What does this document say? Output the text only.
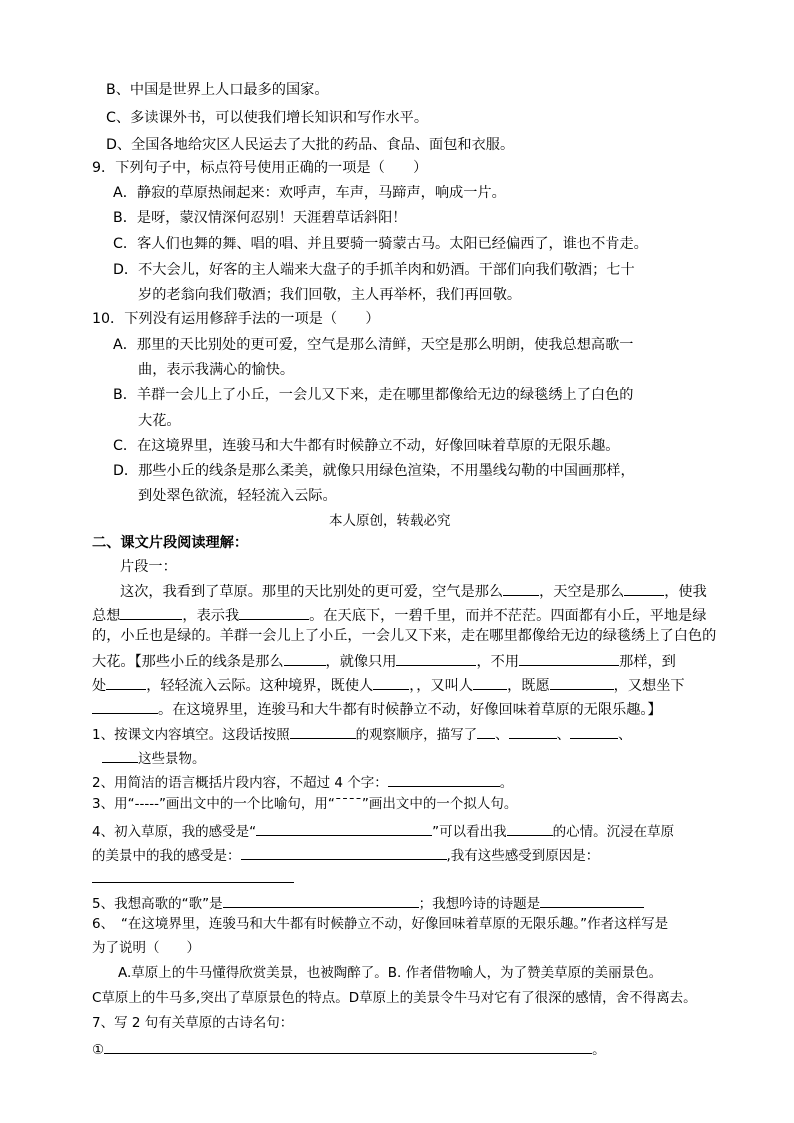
B、中国是世界上人口最多的国家。
C、多读课外书，可以使我们增长知识和写作水平。
D、全国各地给灾区人民运去了大批的药品、食品、面包和衣服。
9．下列句子中，标点符号使用正确的一项是（　　）
A．静寂的草原热闹起来：欢呼声，车声，马蹄声，响成一片。
B．是呀，蒙汉情深何忍别！天涯碧草话斜阳！
C．客人们也舞的舞、唱的唱、并且要骑一骑蒙古马。太阳已经偏西了，谁也不肯走。
D．不大会儿，好客的主人端来大盘子的手抓羊肉和奶酒。干部们向我们敬酒；七十
岁的老翁向我们敬酒；我们回敬，主人再举杯，我们再回敬。
10．下列没有运用修辞手法的一项是（　　）
A．那里的天比别处的更可爱，空气是那么清鲜，天空是那么明朗，使我总想高歌一
曲，表示我满心的愉快。
B．羊群一会儿上了小丘，一会儿又下来，走在哪里都像给无边的绿毯绣上了白色的
大花。
C．在这境界里，连骏马和大牛都有时候静立不动，好像回味着草原的无限乐趣。
D．那些小丘的线条是那么柔美，就像只用绿色渲染，不用墨线勾勒的中国画那样，
到处翠色欲流，轻轻流入云际。
本人原创，转载必究
二、课文片段阅读理解：
片段一：
这次，我看到了草原。那里的天比别处的更可爱，空气是那么	，天空是那么	，使我
总想	，表示我	。在天底下，一碧千里，而并不茫茫。四面都有小丘，平地是绿
的，小丘也是绿的。羊群一会儿上了小丘，一会儿又下来，走在哪里都像给无边的绿毯绣上了白色的
大花。【那些小丘的线条是那么	，就像只用	，不用	那样，到
处	，轻轻流入云际。这种境界，既使人	，，又叫人 ，既愿	，又想坐下
。在这境界里，连骏马和大牛都有时候静立不动，好像回味着草原的无限乐趣。】
1、按课文内容填空。这段话按照	的观察顺序，描写了 、	、	、
这些景物。
2、用简洁的语言概括片段内容，不超过 4 个字：	。
3、用“-----”画出文中的一个比喻句，用“¯¯¯¯”画出文中的一个拟人句。
4、初入草原，我的感受是“	”可以看出我	的心情。沉浸在草原
的美景中的我的感受是：	,我有这些感受到原因是：
5、我想高歌的“歌”是	；我想吟诗的诗题是
6、　“在这境界里，连骏马和大牛都有时候静立不动，好像回味着草原的无限乐趣。”作者这样写是
为了说明（　　）
A.草原上的牛马懂得欣赏美景，也被陶醉了。B. 作者借物喻人，为了赞美草原的美丽景色。
C草原上的牛马多,突出了草原景色的特点。D草原上的美景令牛马对它有了很深的感情，舍不得离去。
7、写 2 句有关草原的古诗名句：
①	。
